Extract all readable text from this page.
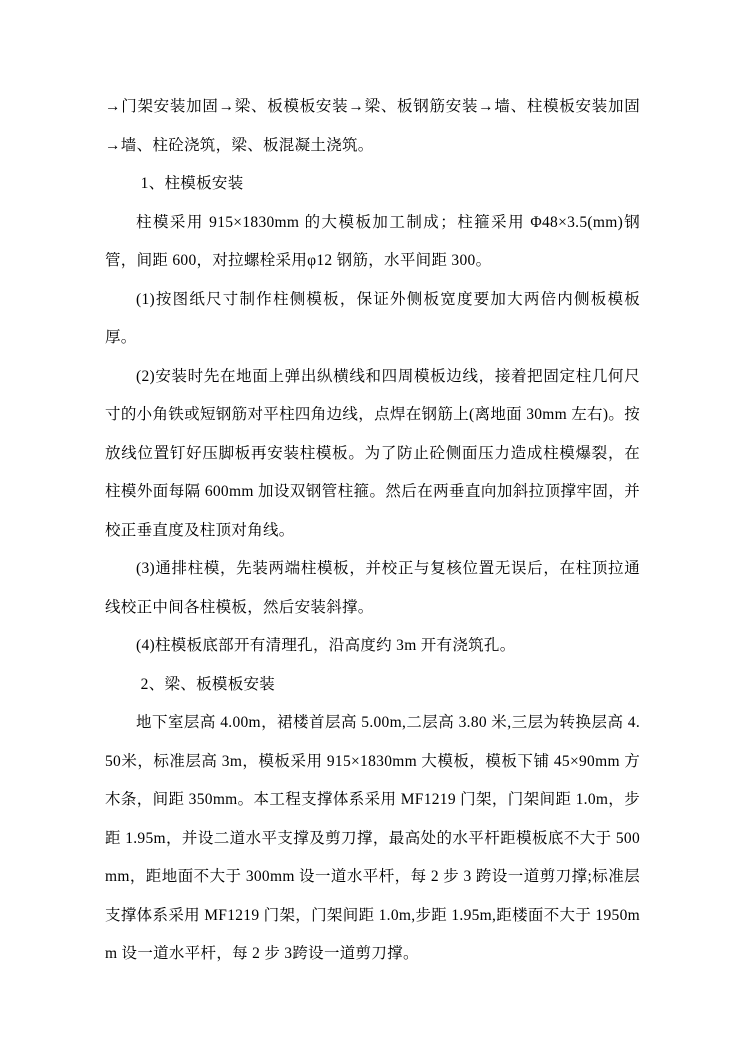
→门架安装加固→梁、板模板安装→梁、板钢筋安装→墙、柱模板安装加固→墙、柱砼浇筑，梁、板混凝土浇筑。

1、柱模板安装

柱模采用 915×1830mm 的大模板加工制成；柱箍采用 Φ48×3.5(mm)钢管，间距 600，对拉螺栓采用φ12 钢筋，水平间距 300。

(1)按图纸尺寸制作柱侧模板，保证外侧板宽度要加大两倍内侧板模板厚。

(2)安装时先在地面上弹出纵横线和四周模板边线，接着把固定柱几何尺寸的小角铁或短钢筋对平柱四角边线，点焊在钢筋上(离地面 30mm 左右)。按放线位置钉好压脚板再安装柱模板。为了防止砼侧面压力造成柱模爆裂，在柱模外面每隔 600mm 加设双钢管柱箍。然后在两垂直向加斜拉顶撑牢固，并校正垂直度及柱顶对角线。

(3)通排柱模，先装两端柱模板，并校正与复核位置无误后，在柱顶拉通线校正中间各柱模板，然后安装斜撑。

(4)柱模板底部开有清理孔，沿高度约 3m 开有浇筑孔。

2、梁、板模板安装

地下室层高 4.00m，裙楼首层高 5.00m,二层高 3.80 米,三层为转换层高 4.50米，标准层高 3m，模板采用 915×1830mm 大模板，模板下铺 45×90mm 方木条，间距 350mm。本工程支撑体系采用 MF1219 门架，门架间距 1.0m，步距 1.95m，并设二道水平支撑及剪刀撑，最高处的水平杆距模板底不大于 500mm，距地面不大于 300mm 设一道水平杆，每 2 步 3 跨设一道剪刀撑;标准层支撑体系采用 MF1219 门架，门架间距 1.0m,步距 1.95m,距楼面不大于 1950mm 设一道水平杆，每 2 步 3跨设一道剪刀撑。
